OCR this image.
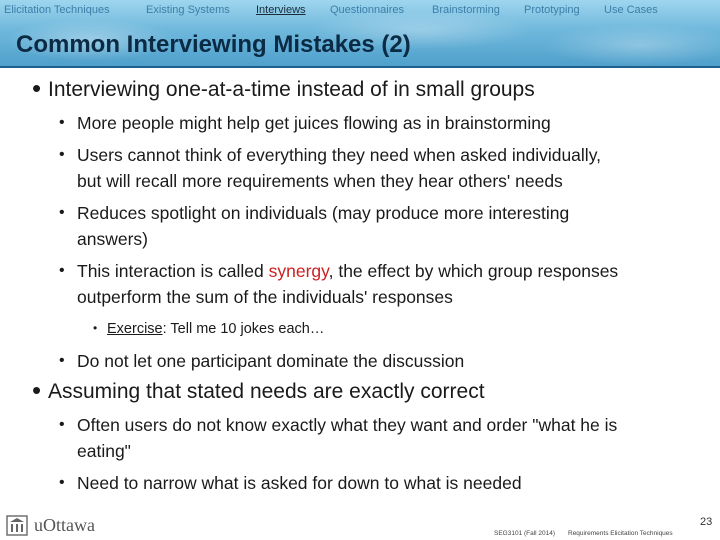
Elicitation Techniques	Existing Systems Interviews Questionnaires	Brainstorming Prototyping Use Cases
Common Interviewing Mistakes (2)
• Interviewing one-at-a-time instead of in small groups
• More people might help get juices flowing as in brainstorming
• Users cannot think of everything they need when asked individually,
but will recall more requirements when they hear others' needs
• Reduces spotlight on individuals (may produce more interesting
answers)
• This interaction is called synergy, the effect by which group responses
outperform the sum of the individuals' responses
• Exercise: Tell me 10 jokes each…
• Do not let one participant dominate the discussion
• Assuming that stated needs are exactly correct
• Often users do not know exactly what they want and order "what he is
eating"
• Need to narrow what is asked for down to what is needed
uOttawa	23
SEG3101 (Fall 2014) Requirements Elicitation Techniques
